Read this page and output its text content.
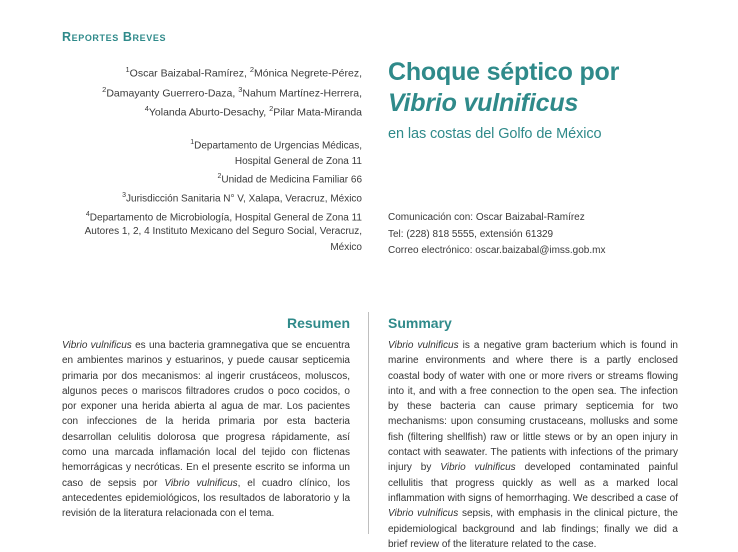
Reportes Breves
$^1$Oscar Baizabal-Ramírez, $^2$Mónica Negrete-Pérez,
$^2$Damayanty Guerrero-Daza, $^3$Nahum Martínez-Herrera,
$^4$Yolanda Aburto-Desachy, $^2$Pilar Mata-Miranda
$^1$Departamento de Urgencias Médicas,
Hospital General de Zona 11
$^2$Unidad de Medicina Familiar 66
$^3$Jurisdicción Sanitaria N° V, Xalapa, Veracruz, México
$^4$Departamento de Microbiología, Hospital General de Zona 11
Autores 1, 2, 4 Instituto Mexicano del Seguro Social, Veracruz, México
Choque séptico por
Vibrio vulnificus
en las costas del Golfo de México
Comunicación con: Oscar Baizabal-Ramírez
Tel: (228) 818 5555, extensión 61329
Correo electrónico: oscar.baizabal@imss.gob.mx
Resumen
Vibrio vulnificus es una bacteria gramnegativa que se encuentra en ambientes marinos y estuarinos, y puede causar septicemia primaria por dos mecanismos: al ingerir crustáceos, moluscos, algunos peces o mariscos filtradores crudos o poco cocidos, o por exponer una herida abierta al agua de mar. Los pacientes con infecciones de la herida primaria por esta bacteria desarrollan celulitis dolorosa que progresa rápidamente, así como una marcada inflamación local del tejido con flictenas hemorrágicas y necróticas. En el presente escrito se informa un caso de sepsis por Vibrio vulnificus, el cuadro clínico, los antecedentes epidemiológicos, los resultados de laboratorio y la revisión de la literatura relacionada con el tema.
Summary
Vibrio vulnificus is a negative gram bacterium which is found in marine environments and where there is a partly enclosed coastal body of water with one or more rivers or streams flowing into it, and with a free connection to the open sea. The infection by these bacteria can cause primary septicemia for two mechanisms: upon consuming crustaceans, mollusks and some fish (filtering shellfish) raw or little stews or by an open injury in contact with seawater. The patients with infections of the primary injury by Vibrio vulnificus developed contaminated painful cellulitis that progress quickly as well as a marked local inflammation with signs of hemorrhaging. We described a case of Vibrio vulnificus sepsis, with emphasis in the clinical picture, the epidemiological background and lab findings; finally we did a brief review of the literature related to the case.
